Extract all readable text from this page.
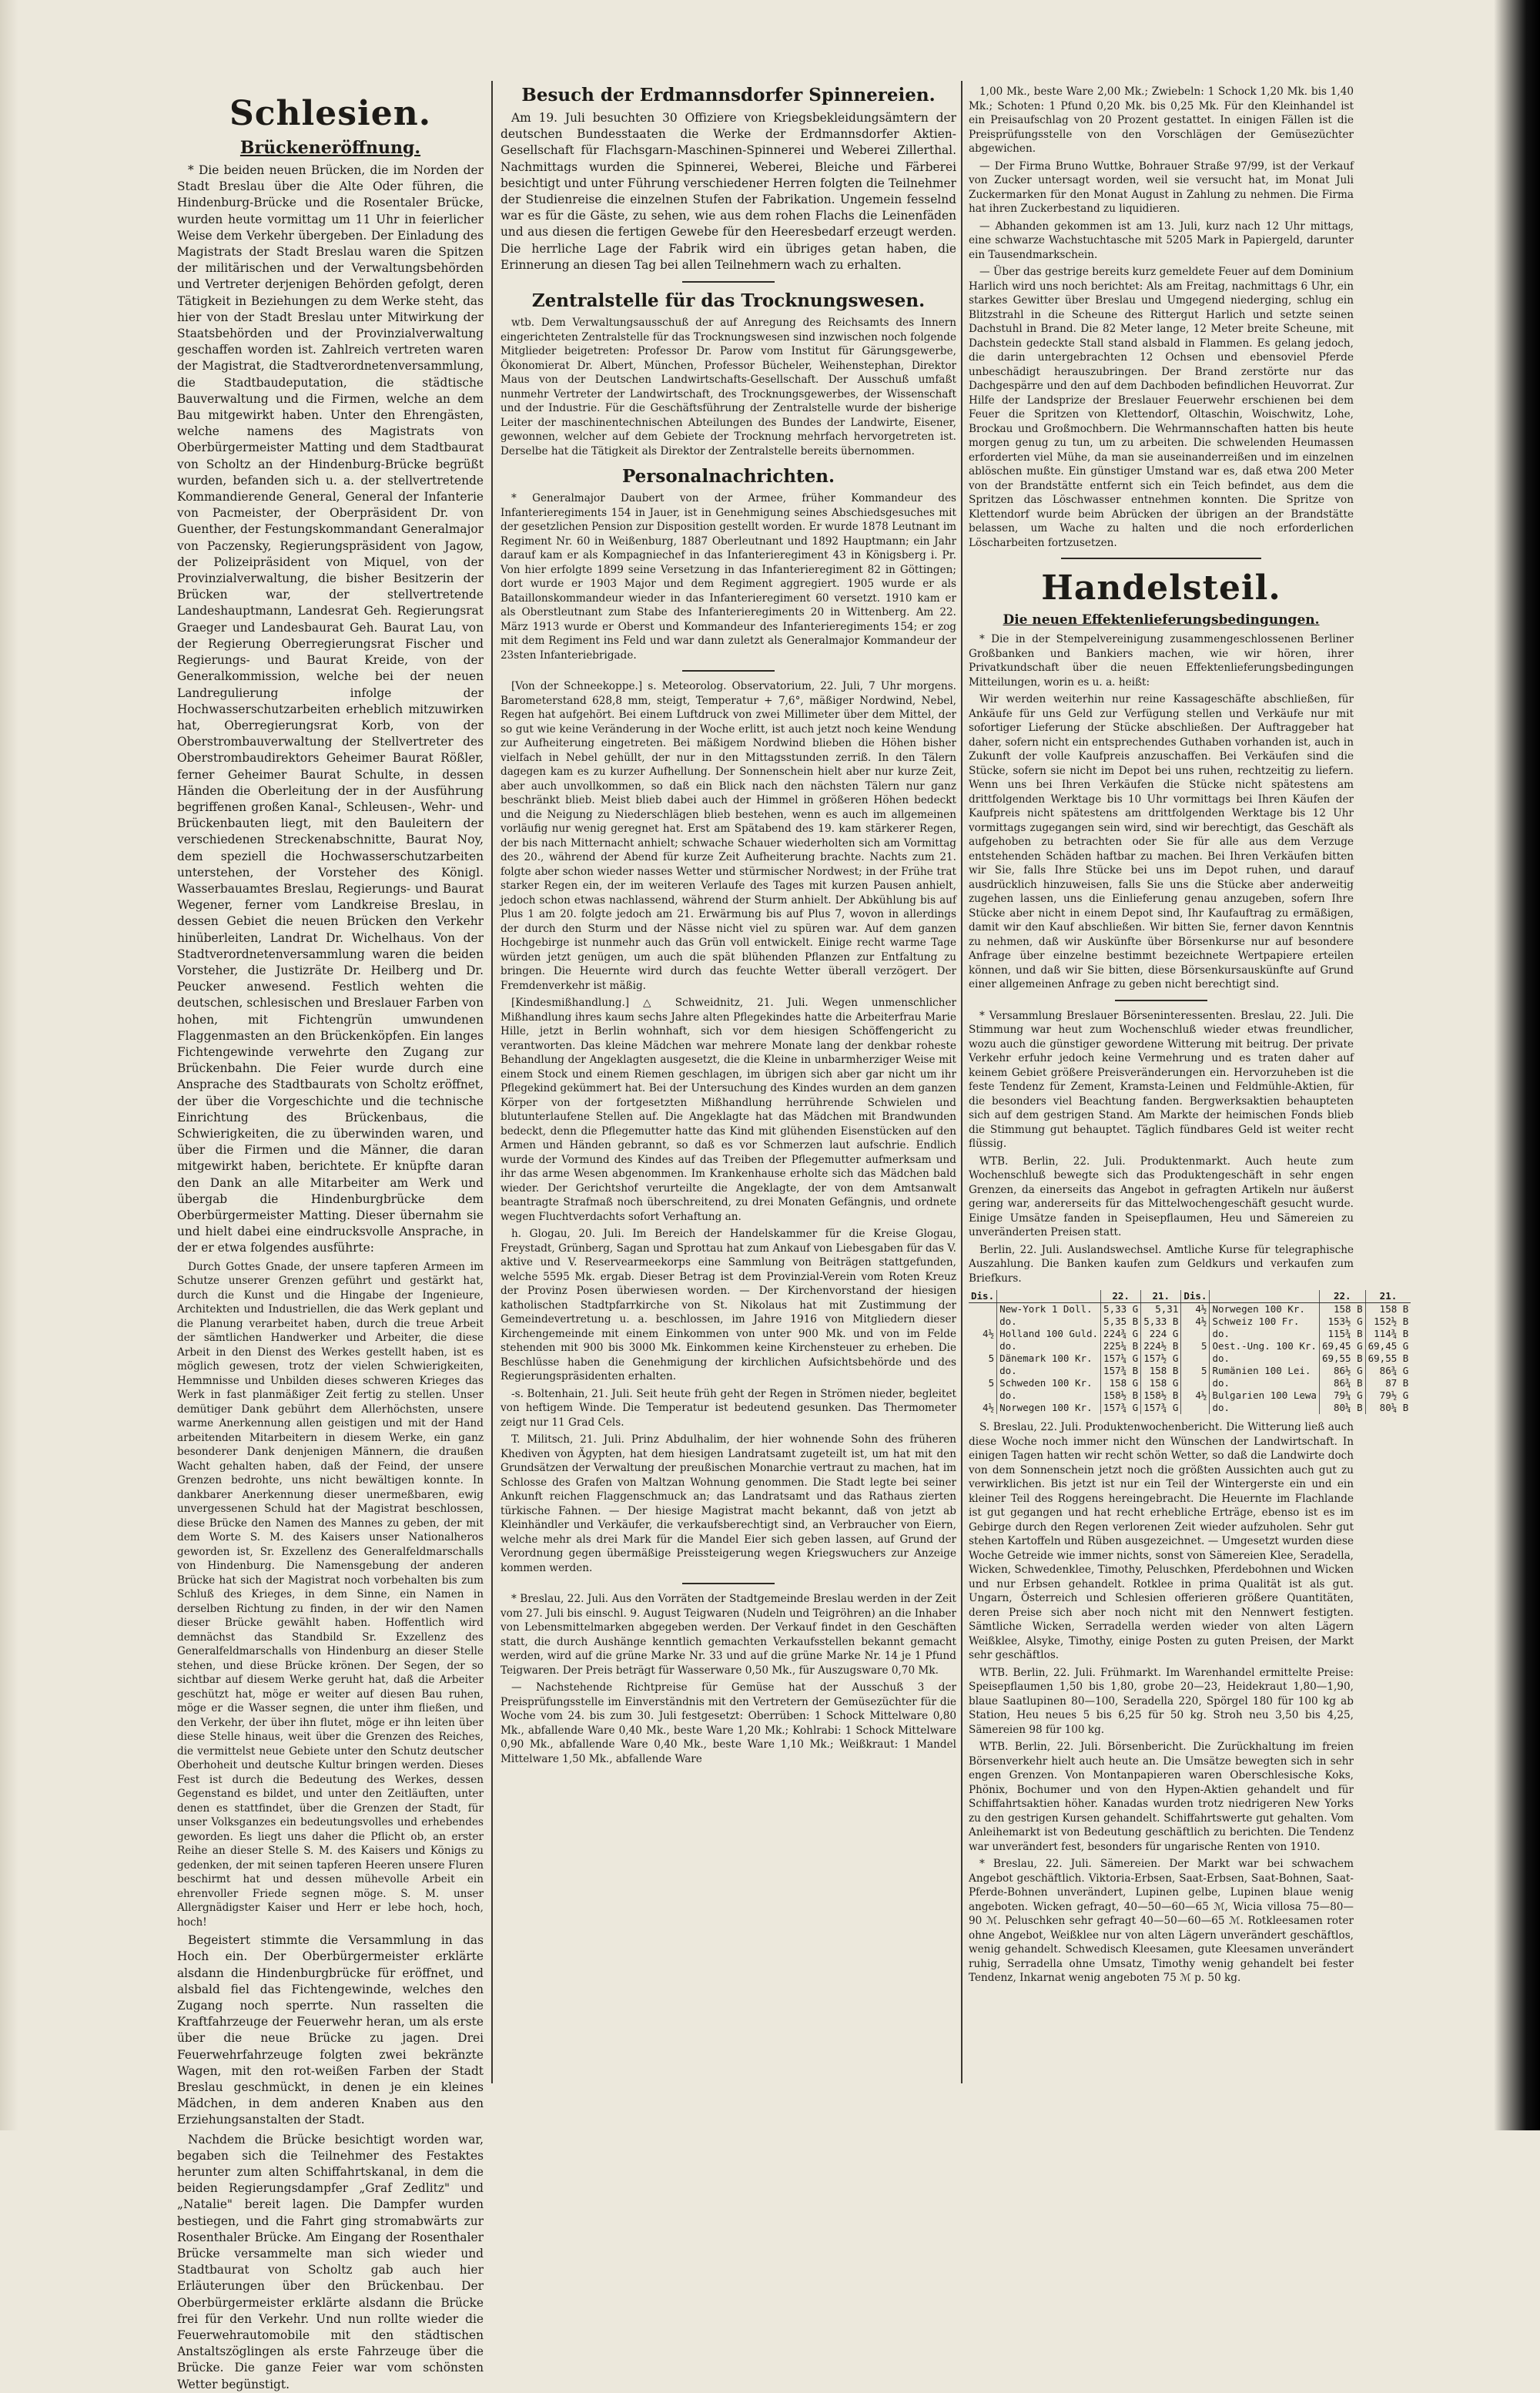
Schlesien.
Brückeneröffnung.

* Die beiden neuen Brücken, die im Norden der Stadt Breslau über die Alte Oder führen, die Hindenburg-Brücke und die Rosentaler Brücke, wurden heute vormittag um 11 Uhr in feierlicher Weise dem Verkehr übergeben. Der Einladung des Magistrats der Stadt Breslau waren die Spitzen der militärischen und der Verwaltungsbehörden und Vertreter derjenigen Behörden gefolgt, deren Tätigkeit in Beziehungen zu dem Werke steht, das hier von der Stadt Breslau unter Mitwirkung der Staatsbehörden und der Provinzialverwaltung geschaffen worden ist. Zahlreich vertreten waren der Magistrat, die Stadtverordnetenversammlung, die Stadtbaudeputation, die städtische Bauverwaltung und die Firmen, welche an dem Bau mitgewirkt haben. Unter den Ehrengästen, welche namens des Magistrats von Oberbürgermeister Matting und dem Stadtbaurat von Scholtz an der Hindenburg-Brücke begrüßt wurden, befanden sich u. a. der stellvertretende Kommandierende General, General der Infanterie von Pacmeister, der Oberpräsident Dr. von Guenther, der Festungskommandant Generalmajor von Paczensky, Regierungspräsident von Jagow, der Polizeipräsident von Miquel, von der Provinzialverwaltung, die bisher Besitzerin der Brücken war, der stellvertretende Landeshauptmann, Landesrat Geh. Regierungsrat Graeger und Landesbaurat Geh. Baurat Lau, von der Regierung Oberregierungsrat Fischer und Regierungs- und Baurat Kreide, von der Generalkommission, welche bei der neuen Landregulierung infolge der Hochwasserschutzarbeiten erheblich mitzuwirken hat, Oberregierungsrat Korb, von der Oberstrombauverwaltung der Stellvertreter des Oberstrombaudirektors Geheimer Baurat Rößler, ferner Geheimer Baurat Schulte, in dessen Händen die Oberleitung der in der Ausführung begriffenen großen Kanal-, Schleusen-, Wehr- und Brückenbauten liegt, mit den Bauleitern der verschiedenen Streckenabschnitte, Baurat Noy, dem speziell die Hochwasserschutzarbeiten unterstehen, der Vorsteher des Königl. Wasserbauamtes Breslau, Regierungs- und Baurat Wegener, ferner vom Landkreise Breslau, in dessen Gebiet die neuen Brücken den Verkehr hinüberleiten, Landrat Dr. Wichelhaus. Von der Stadtverordnetenversammlung waren die beiden Vorsteher, die Justizräte Dr. Heilberg und Dr. Peucker anwesend. Festlich wehten die deutschen, schlesischen und Breslauer Farben von hohen, mit Fichtengrün umwundenen Flaggenmasten an den Brückenköpfen. Ein langes Fichtengewinde verwehrte den Zugang zur Brückenbahn. Die Feier wurde durch eine Ansprache des Stadtbaurats von Scholtz eröffnet, der über die Vorgeschichte und die technische Einrichtung des Brückenbaus, die Schwierigkeiten, die zu überwinden waren, und über die Firmen und die Männer, die daran mitgewirkt haben, berichtete. Er knüpfte daran den Dank an alle Mitarbeiter am Werk und übergab die Hindenburgbrücke dem Oberbürgermeister Matting. Dieser übernahm sie und hielt dabei eine eindrucksvolle Ansprache, in der er etwa folgendes ausführte:

Durch Gottes Gnade, der unsere tapferen Armeen im Schutze unserer Grenzen geführt und gestärkt hat, durch die Kunst und die Hingabe der Ingenieure, Architekten und Industriellen, die das Werk geplant und die Planung verarbeitet haben, durch die treue Arbeit der sämtlichen Handwerker und Arbeiter, die diese Arbeit in den Dienst des Werkes gestellt haben, ist es möglich gewesen, trotz der vielen Schwierigkeiten, Hemmnisse und Unbilden dieses schweren Krieges das Werk in fast planmäßiger Zeit fertig zu stellen. Unser demütiger Dank gebührt dem Allerhöchsten, unsere warme Anerkennung allen geistigen und mit der Hand arbeitenden Mitarbeitern in diesem Werke, ein ganz besonderer Dank denjenigen Männern, die draußen Wacht gehalten haben, daß der Feind, der unsere Grenzen bedrohte, uns nicht bewältigen konnte. In dankbarer Anerkennung dieser unermeßbaren, ewig unvergessenen Schuld hat der Magistrat beschlossen, diese Brücke den Namen des Mannes zu geben, der mit dem Worte S. M. des Kaisers unser Nationalheros geworden ist, Sr. Exzellenz des Generalfeldmarschalls von Hindenburg. Die Namensgebung der anderen Brücke hat sich der Magistrat noch vorbehalten bis zum Schluß des Krieges, in dem Sinne, ein Namen in derselben Richtung zu finden, in der wir den Namen dieser Brücke gewählt haben. Hoffentlich wird demnächst das Standbild Sr. Exzellenz des Generalfeldmarschalls von Hindenburg an dieser Stelle stehen, und diese Brücke krönen. Der Segen, der so sichtbar auf diesem Werke geruht hat, daß die Arbeiter geschützt hat, möge er weiter auf diesen Bau ruhen, möge er die Wasser segnen, die unter ihm fließen, und den Verkehr, der über ihn flutet, möge er ihn leiten über diese Stelle hinaus, weit über die Grenzen des Reiches, die vermittelst neue Gebiete unter den Schutz deutscher Oberhoheit und deutsche Kultur bringen werden. Dieses Fest ist durch die Bedeutung des Werkes, dessen Gegenstand es bildet, und unter den Zeitläuften, unter denen es stattfindet, über die Grenzen der Stadt, für unser Volksganzes ein bedeutungsvolles und erhebendes geworden. Es liegt uns daher die Pflicht ob, an erster Reihe an dieser Stelle S. M. des Kaisers und Königs zu gedenken, der mit seinen tapferen Heeren unsere Fluren beschirmt hat und dessen mühevolle Arbeit ein ehrenvoller Friede segnen möge. S. M. unser Allergnädigster Kaiser und Herr er lebe hoch, hoch, hoch!

Begeistert stimmte die Versammlung in das Hoch ein. Der Oberbürgermeister erklärte alsdann die Hindenburgbrücke für eröffnet, und alsbald fiel das Fichtengewinde, welches den Zugang noch sperrte. Nun rasselten die Kraftfahrzeuge der Feuerwehr heran, um als erste über die neue Brücke zu jagen. Drei Feuerwehrfahrzeuge folgten zwei bekränzte Wagen, mit den rot-weißen Farben der Stadt Breslau geschmückt, in denen je ein kleines Mädchen, in dem anderen Knaben aus den Erziehungsanstalten der Stadt.

Nachdem die Brücke besichtigt worden war, begaben sich die Teilnehmer des Festaktes herunter zum alten Schiffahrtskanal, in dem die beiden Regierungsdampfer „Graf Zedlitz" und „Natalie" bereit lagen. Die Dampfer wurden bestiegen, und die Fahrt ging stromabwärts zur Rosenthaler Brücke. Am Eingang der Rosenthaler Brücke versammelte man sich wieder und Stadtbaurat von Scholtz gab auch hier Erläuterungen über den Brückenbau. Der Oberbürgermeister erklärte alsdann die Brücke frei für den Verkehr. Und nun rollte wieder die Feuerwehrautomobile mit den städtischen Anstaltszöglingen als erste Fahrzeuge über die Brücke. Die ganze Feier war vom schönsten Wetter begünstigt.

Besuch der Erdmannsdorfer Spinnereien.

Am 19. Juli besuchten 30 Offiziere von Kriegsbekleidungsämtern der deutschen Bundesstaaten die Werke der Erdmannsdorfer Aktien-Gesellschaft für Flachsgarn-Maschinen-Spinnerei und Weberei Zillerthal. Nachmittags wurden die Spinnerei, Weberei, Bleiche und Färberei besichtigt und unter Führung verschiedener Herren folgten die Teilnehmer der Studienreise die einzelnen Stufen der Fabrikation. Ungemein fesselnd war es für die Gäste, zu sehen, wie aus dem rohen Flachs die Leinenfäden und aus diesen die fertigen Gewebe für den Heeresbedarf erzeugt werden. Die herrliche Lage der Fabrik wird ein übriges getan haben, die Erinnerung an diesen Tag bei allen Teilnehmern wach zu erhalten.

Zentralstelle für das Trocknungswesen.

wtb. Dem Verwaltungsausschuß der auf Anregung des Reichsamts des Innern eingerichteten Zentralstelle für das Trocknungswesen sind inzwischen noch folgende Mitglieder beigetreten: Professor Dr. Parow vom Institut für Gärungsgewerbe, Ökonomierat Dr. Albert, München, Professor Bücheler, Weihenstephan, Direktor Maus von der Deutschen Landwirtschafts-Gesellschaft. Der Ausschuß umfaßt nunmehr Vertreter der Landwirtschaft, des Trocknungsgewerbes, der Wissenschaft und der Industrie. Für die Geschäftsführung der Zentralstelle wurde der bisherige Leiter der maschinentechnischen Abteilungen des Bundes der Landwirte, Eisener, gewonnen, welcher auf dem Gebiete der Trocknung mehrfach hervorgetreten ist. Derselbe hat die Tätigkeit als Direktor der Zentralstelle bereits übernommen.

Personalnachrichten.

* Generalmajor Daubert von der Armee, früher Kommandeur des Infanterieregiments 154 in Jauer, ist in Genehmigung seines Abschiedsgesuches mit der gesetzlichen Pension zur Disposition gestellt worden. Er wurde 1878 Leutnant im Regiment Nr. 60 in Weißenburg, 1887 Oberleutnant und 1892 Hauptmann; ein Jahr darauf kam er als Kompagniechef in das Infanterieregiment 43 in Königsberg i. Pr. Von hier erfolgte 1899 seine Versetzung in das Infanterieregiment 82 in Göttingen; dort wurde er 1903 Major und dem Regiment aggregiert. 1905 wurde er als Bataillonskommandeur wieder in das Infanterieregiment 60 versetzt. 1910 kam er als Oberstleutnant zum Stabe des Infanterieregiments 20 in Wittenberg. Am 22. März 1913 wurde er Oberst und Kommandeur des Infanterieregiments 154; er zog mit dem Regiment ins Feld und war dann zuletzt als Generalmajor Kommandeur der 23sten Infanteriebrigade.

[Von der Schneekoppe.] s. Meteorolog. Observatorium, 22. Juli, 7 Uhr morgens. Barometerstand 628,8 mm, steigt, Temperatur + 7,6°, mäßiger Nordwind, Nebel, Regen hat aufgehört. Bei einem Luftdruck von zwei Millimeter über dem Mittel, der so gut wie keine Veränderung in der Woche erlitt, ist auch jetzt noch keine Wendung zur Aufheiterung eingetreten. Bei mäßigem Nordwind blieben die Höhen bisher vielfach in Nebel gehüllt, der nur in den Mittagsstunden zerriß. In den Tälern dagegen kam es zu kurzer Aufhellung. Der Sonnenschein hielt aber nur kurze Zeit, aber auch unvollkommen, so daß ein Blick nach den nächsten Tälern nur ganz beschränkt blieb. Meist blieb dabei auch der Himmel in größeren Höhen bedeckt und die Neigung zu Niederschlägen blieb bestehen, wenn es auch im allgemeinen vorläufig nur wenig geregnet hat. Erst am Spätabend des 19. kam stärkerer Regen, der bis nach Mitternacht anhielt; schwache Schauer wiederholten sich am Vormittag des 20., während der Abend für kurze Zeit Aufheiterung brachte. Nachts zum 21. folgte aber schon wieder nasses Wetter und stürmischer Nordwest; in der Frühe trat starker Regen ein, der im weiteren Verlaufe des Tages mit kurzen Pausen anhielt, jedoch schon etwas nachlassend, während der Sturm anhielt. Der Abkühlung bis auf Plus 1 am 20. folgte jedoch am 21. Erwärmung bis auf Plus 7, wovon in allerdings der durch den Sturm und der Nässe nicht viel zu spüren war. Auf dem ganzen Hochgebirge ist nunmehr auch das Grün voll entwickelt. Einige recht warme Tage würden jetzt genügen, um auch die spät blühenden Pflanzen zur Entfaltung zu bringen. Die Heuernte wird durch das feuchte Wetter überall verzögert. Der Fremdenverkehr ist mäßig.

[Kindesmißhandlung.] △ Schweidnitz, 21. Juli. Wegen unmenschlicher Mißhandlung ihres kaum sechs Jahre alten Pflegekindes hatte die Arbeiterfrau Marie Hille, jetzt in Berlin wohnhaft, sich vor dem hiesigen Schöffengericht zu verantworten. Das kleine Mädchen war mehrere Monate lang der denkbar roheste Behandlung der Angeklagten ausgesetzt, die die Kleine in unbarmherziger Weise mit einem Stock und einem Riemen geschlagen, im übrigen sich aber gar nicht um ihr Pflegekind gekümmert hat. Bei der Untersuchung des Kindes wurden an dem ganzen Körper von der fortgesetzten Mißhandlung herrührende Schwielen und blutunterlaufene Stellen auf. Die Angeklagte hat das Mädchen mit Brandwunden bedeckt, denn die Pflegemutter hatte das Kind mit glühenden Eisenstücken auf den Armen und Händen gebrannt, so daß es vor Schmerzen laut aufschrie. Endlich wurde der Vormund des Kindes auf das Treiben der Pflegemutter aufmerksam und ihr das arme Wesen abgenommen. Im Krankenhause erholte sich das Mädchen bald wieder. Der Gerichtshof verurteilte die Angeklagte, der von dem Amtsanwalt beantragte Strafmaß noch überschreitend, zu drei Monaten Gefängnis, und ordnete wegen Fluchtverdachts sofort Verhaftung an.

h. Glogau, 20. Juli. Im Bereich der Handelskammer für die Kreise Glogau, Freystadt, Grünberg, Sagan und Sprottau hat zum Ankauf von Liebesgaben für das V. aktive und V. Reservearmeekorps eine Sammlung von Beiträgen stattgefunden, welche 5595 Mk. ergab. Dieser Betrag ist dem Provinzial-Verein vom Roten Kreuz der Provinz Posen überwiesen worden. — Der Kirchenvorstand der hiesigen katholischen Stadtpfarrkirche von St. Nikolaus hat mit Zustimmung der Gemeindevertretung u. a. beschlossen, im Jahre 1916 von Mitgliedern dieser Kirchengemeinde mit einem Einkommen von unter 900 Mk. und von im Felde stehenden mit 900 bis 3000 Mk. Einkommen keine Kirchensteuer zu erheben. Die Beschlüsse haben die Genehmigung der kirchlichen Aufsichtsbehörde und des Regierungspräsidenten erhalten.

-s. Boltenhain, 21. Juli. Seit heute früh geht der Regen in Strömen nieder, begleitet von heftigem Winde. Die Temperatur ist bedeutend gesunken. Das Thermometer zeigt nur 11 Grad Cels.

T. Militsch, 21. Juli. Prinz Abdulhalim, der hier wohnende Sohn des früheren Khediven von Ägypten, hat dem hiesigen Landratsamt zugeteilt ist, um hat mit den Grundsätzen der Verwaltung der preußischen Monarchie vertraut zu machen, hat im Schlosse des Grafen von Maltzan Wohnung genommen. Die Stadt legte bei seiner Ankunft reichen Flaggenschmuck an; das Landratsamt und das Rathaus zierten türkische Fahnen. — Der hiesige Magistrat macht bekannt, daß von jetzt ab Kleinhändler und Verkäufer, die verkaufsberechtigt sind, an Verbraucher von Eiern, welche mehr als drei Mark für die Mandel Eier sich geben lassen, auf Grund der Verordnung gegen übermäßige Preissteigerung wegen Kriegswuchers zur Anzeige kommen werden.

* Breslau, 22. Juli. Aus den Vorräten der Stadtgemeinde Breslau werden in der Zeit vom 27. Juli bis einschl. 9. August Teigwaren (Nudeln und Teigröhren) an die Inhaber von Lebensmittelmarken abgegeben werden. Der Verkauf findet in den Geschäften statt, die durch Aushänge kenntlich gemachten Verkaufsstellen bekannt gemacht werden, wird auf die grüne Marke Nr. 33 und auf die grüne Marke Nr. 14 je 1 Pfund Teigwaren. Der Preis beträgt für Wasserware 0,50 Mk., für Auszugsware 0,70 Mk.

— Nachstehende Richtpreise für Gemüse hat der Ausschuß 3 der Preisprüfungsstelle im Einverständnis mit den Vertretern der Gemüsezüchter für die Woche vom 24. bis zum 30. Juli festgesetzt: Oberrüben: 1 Schock Mittelware 0,80 Mk., abfallende Ware 0,40 Mk., beste Ware 1,20 Mk.; Kohlrabi: 1 Schock Mittelware 0,90 Mk., abfallende Ware 0,40 Mk., beste Ware 1,10 Mk.; Weißkraut: 1 Mandel Mittelware 1,50 Mk., abfallende Ware

1,00 Mk., beste Ware 2,00 Mk.; Zwiebeln: 1 Schock 1,20 Mk. bis 1,40 Mk.; Schoten: 1 Pfund 0,20 Mk. bis 0,25 Mk. Für den Kleinhandel ist ein Preisaufschlag von 20 Prozent gestattet. In einigen Fällen ist die Preisprüfungsstelle von den Vorschlägen der Gemüsezüchter abgewichen.

— Der Firma Bruno Wuttke, Bohrauer Straße 97/99, ist der Verkauf von Zucker untersagt worden, weil sie versucht hat, im Monat Juli Zuckermarken für den Monat August in Zahlung zu nehmen. Die Firma hat ihren Zuckerbestand zu liquidieren.

— Abhanden gekommen ist am 13. Juli, kurz nach 12 Uhr mittags, eine schwarze Wachstuchtasche mit 5205 Mark in Papiergeld, darunter ein Tausendmarkschein.

— Über das gestrige bereits kurz gemeldete Feuer auf dem Dominium Harlich wird uns noch berichtet: Als am Freitag, nachmittags 6 Uhr, ein starkes Gewitter über Breslau und Umgegend niederging, schlug ein Blitzstrahl in die Scheune des Rittergut Harlich und setzte seinen Dachstuhl in Brand. Die 82 Meter lange, 12 Meter breite Scheune, mit Dachstein gedeckte Stall stand alsbald in Flammen. Es gelang jedoch, die darin untergebrachten 12 Ochsen und ebensoviel Pferde unbeschädigt herauszubringen. Der Brand zerstörte nur das Dachgespärre und den auf dem Dachboden befindlichen Heuvorrat. Zur Hilfe der Landsprize der Breslauer Feuerwehr erschienen bei dem Feuer die Spritzen von Klettendorf, Oltaschin, Woischwitz, Lohe, Brockau und Großmochbern. Die Wehrmannschaften hatten bis heute morgen genug zu tun, um zu arbeiten. Die schwelenden Heumassen erforderten viel Mühe, da man sie auseinanderreißen und im einzelnen ablöschen mußte. Ein günstiger Umstand war es, daß etwa 200 Meter von der Brandstätte entfernt sich ein Teich befindet, aus dem die Spritzen das Löschwasser entnehmen konnten. Die Spritze von Klettendorf wurde beim Abrücken der übrigen an der Brandstätte belassen, um Wache zu halten und die noch erforderlichen Löscharbeiten fortzusetzen.

Handelsteil.
Die neuen Effektenlieferungsbedingungen.

* Die in der Stempelvereinigung zusammengeschlossenen Berliner Großbanken und Bankiers machen, wie wir hören, ihrer Privatkundschaft über die neuen Effektenlieferungsbedingungen Mitteilungen, worin es u. a. heißt:

Wir werden weiterhin nur reine Kassageschäfte abschließen, für Ankäufe für uns Geld zur Verfügung stellen und Verkäufe nur mit sofortiger Lieferung der Stücke abschließen. Der Auftraggeber hat daher, sofern nicht ein entsprechendes Guthaben vorhanden ist, auch in Zukunft der volle Kaufpreis anzuschaffen. Bei Verkäufen sind die Stücke, sofern sie nicht im Depot bei uns ruhen, rechtzeitig zu liefern. Wenn uns bei Ihren Verkäufen die Stücke nicht spätestens am drittfolgenden Werktage bis 10 Uhr vormittags bei Ihren Käufen der Kaufpreis nicht spätestens am drittfolgenden Werktage bis 12 Uhr vormittags zugegangen sein wird, sind wir berechtigt, das Geschäft als aufgehoben zu betrachten oder Sie für alle aus dem Verzuge entstehenden Schäden haftbar zu machen. Bei Ihren Verkäufen bitten wir Sie, falls Ihre Stücke bei uns im Depot ruhen, und darauf ausdrücklich hinzuweisen, falls Sie uns die Stücke aber anderweitig zugehen lassen, uns die Einlieferung genau anzugeben, sofern Ihre Stücke aber nicht in einem Depot sind, Ihr Kaufauftrag zu ermäßigen, damit wir den Kauf abschließen. Wir bitten Sie, ferner davon Kenntnis zu nehmen, daß wir Auskünfte über Börsenkurse nur auf besondere Anfrage über einzelne bestimmt bezeichnete Wertpapiere erteilen können, und daß wir Sie bitten, diese Börsenkursauskünfte auf Grund einer allgemeinen Anfrage zu geben nicht berechtigt sind.

* Versammlung Breslauer Börseninteressenten. Breslau, 22. Juli. Die Stimmung war heut zum Wochenschluß wieder etwas freundlicher, wozu auch die günstiger gewordene Witterung mit beitrug. Der private Verkehr erfuhr jedoch keine Vermehrung und es traten daher auf keinem Gebiet größere Preisveränderungen ein. Hervorzuheben ist die feste Tendenz für Zement, Kramsta-Leinen und Feldmühle-Aktien, für die besonders viel Beachtung fanden. Bergwerksaktien behaupteten sich auf dem gestrigen Stand. Am Markte der heimischen Fonds blieb die Stimmung gut behauptet. Täglich fündbares Geld ist weiter recht flüssig.

WTB. Berlin, 22. Juli. Produktenmarkt. Auch heute zum Wochenschluß bewegte sich das Produktengeschäft in sehr engen Grenzen, da einerseits das Angebot in gefragten Artikeln nur äußerst gering war, andererseits für das Mittelwochengeschäft gesucht wurde. Einige Umsätze fanden in Speisepflaumen, Heu und Sämereien zu unveränderten Preisen statt.

Berlin, 22. Juli. Auslandswechsel. Amtliche Kurse für telegraphische Auszahlung. Die Banken kaufen zum Geldkurs und verkaufen zum Briefkurs.

Dis.		22.	21.	Dis.		22.	21.
	New-York 1 Doll.	5,33 G	5,31	4½	Norwegen 100 Kr.	158 B	158 B
	do.	5,35 B	5,33 B	4½	Schweiz 100 Fr.	153½ G	152½ B
4½	Holland 100 Guld.	224¾ G	224 G		do.	115¾ B	114¾ B
	do.	225¼ B	224½ B	5	Oest.-Ung. 100 Kr.	69,45 G	69,45 G
5	Dänemark 100 Kr.	157¼ G	157½ G		do.	69,55 B	69,55 B
	do.	157¾ B	158 B	5	Rumänien 100 Lei.	86½ G	86¾ G
5	Schweden 100 Kr.	158 G	158 G		do.	86¾ B	87 B
	do.	158½ B	158½ B	4½	Bulgarien 100 Lewa	79¼ G	79½ G
4½	Norwegen 100 Kr.	157¾ G	157¾ G		do.	80¼ B	80¼ B

S. Breslau, 22. Juli. Produktenwochenbericht. Die Witterung ließ auch diese Woche noch immer nicht den Wünschen der Landwirtschaft. In einigen Tagen hatten wir recht schön Wetter, so daß die Landwirte doch von dem Sonnenschein jetzt noch die größten Aussichten auch gut zu verwirklichen. Bis jetzt ist nur ein Teil der Wintergerste ein und ein kleiner Teil des Roggens hereingebracht. Die Heuernte im Flachlande ist gut gegangen und hat recht erhebliche Erträge, ebenso ist es im Gebirge durch den Regen verlorenen Zeit wieder aufzuholen. Sehr gut stehen Kartoffeln und Rüben ausgezeichnet. — Umgesetzt wurden diese Woche Getreide wie immer nichts, sonst von Sämereien Klee, Seradella, Wicken, Schwedenklee, Timothy, Peluschken, Pferdebohnen und Wicken und nur Erbsen gehandelt. Rotklee in prima Qualität ist als gut. Ungarn, Österreich und Schlesien offerieren größere Quantitäten, deren Preise sich aber noch nicht mit den Nennwert festigten. Sämtliche Wicken, Serradella werden wieder von alten Lägern Weißklee, Alsyke, Timothy, einige Posten zu guten Preisen, der Markt sehr geschäftlos.

WTB. Berlin, 22. Juli. Frühmarkt. Im Warenhandel ermittelte Preise: Speisepflaumen 1,50 bis 1,80, grobe 20—23, Heidekraut 1,80—1,90, blaue Saatlupinen 80—100, Seradella 220, Spörgel 180 für 100 kg ab Station, Heu neues 5 bis 6,25 für 50 kg. Stroh neu 3,50 bis 4,25, Sämereien 98 für 100 kg.

WTB. Berlin, 22. Juli. Börsenbericht. Die Zurückhaltung im freien Börsenverkehr hielt auch heute an. Die Umsätze bewegten sich in sehr engen Grenzen. Von Montanpapieren waren Oberschlesische Koks, Phönix, Bochumer und von den Hypen-Aktien gehandelt und für Schiffahrtsaktien höher. Kanadas wurden trotz niedrigeren New Yorks zu den gestrigen Kursen gehandelt. Schiffahrtswerte gut gehalten. Vom Anleihemarkt ist von Bedeutung geschäftlich zu berichten. Die Tendenz war unverändert fest, besonders für ungarische Renten von 1910.

* Breslau, 22. Juli. Sämereien. Der Markt war bei schwachem Angebot geschäftlich. Viktoria-Erbsen, Saat-Erbsen, Saat-Bohnen, Saat-Pferde-Bohnen unverändert, Lupinen gelbe, Lupinen blaue wenig angeboten. Wicken gefragt, 40—50—60—65 ℳ, Wicia villosa 75—80—90 ℳ. Peluschken sehr gefragt 40—50—60—65 ℳ. Rotkleesamen roter ohne Angebot, Weißklee nur von alten Lägern unverändert geschäftlos, wenig gehandelt. Schwedisch Kleesamen, gute Kleesamen unverändert ruhig, Serradella ohne Umsatz, Timothy wenig gehandelt bei fester Tendenz, Inkarnat wenig angeboten 75 ℳ p. 50 kg.
